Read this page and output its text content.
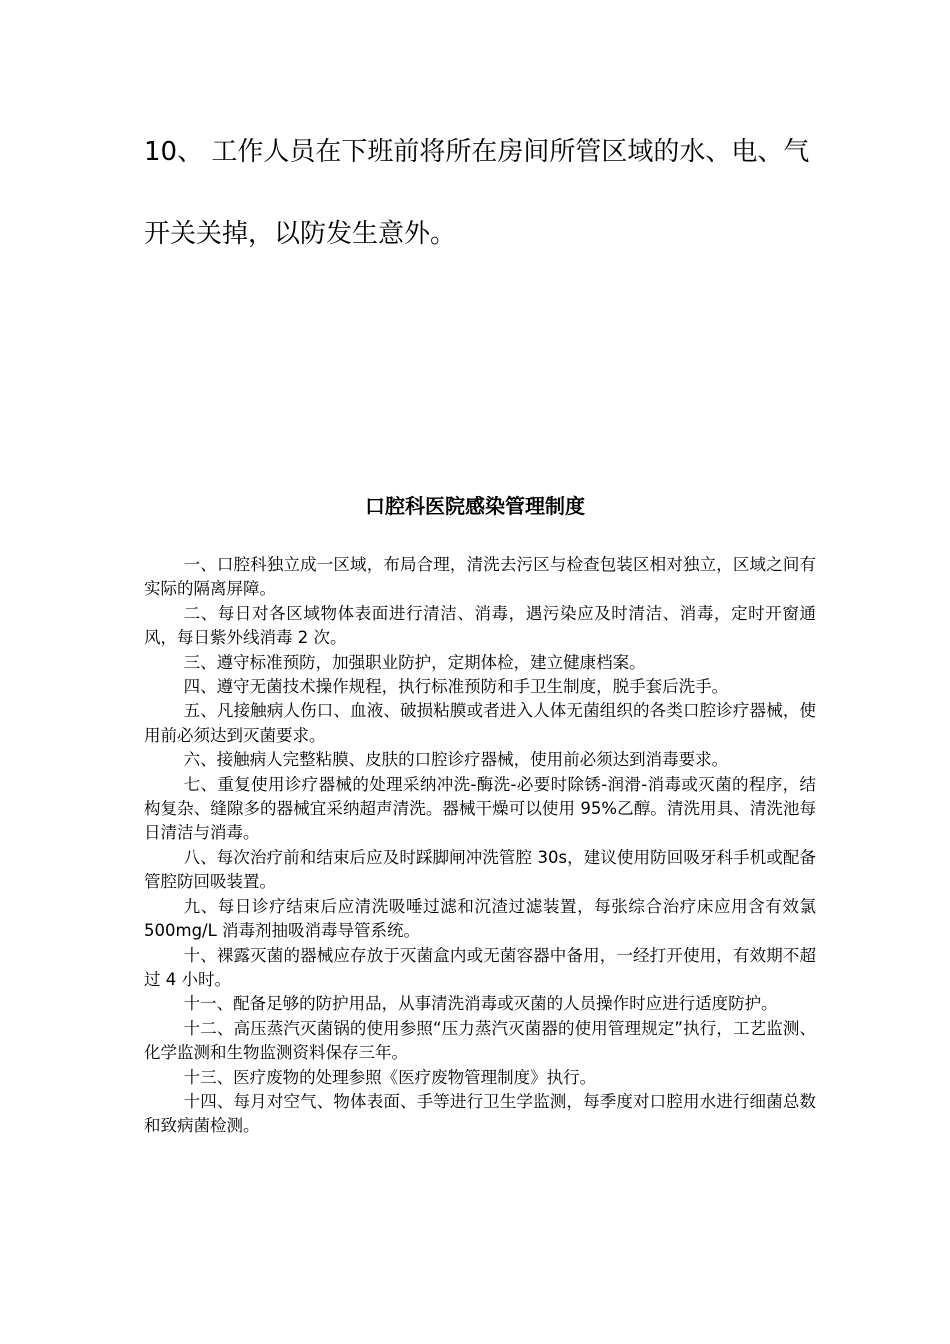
10、 工作人员在下班前将所在房间所管区域的水、电、气
开关关掉，以防发生意外。
口腔科医院感染管理制度

一、口腔科独立成一区域，布局合理，清洗去污区与检查包装区相对独立，区域之间有实际的隔离屏障。

二、每日对各区域物体表面进行清洁、消毒，遇污染应及时清洁、消毒，定时开窗通风，每日紫外线消毒 2 次。

三、遵守标准预防，加强职业防护，定期体检，建立健康档案。

四、遵守无菌技术操作规程，执行标准预防和手卫生制度，脱手套后洗手。

五、凡接触病人伤口、血液、破损粘膜或者进入人体无菌组织的各类口腔诊疗器械，使用前必须达到灭菌要求。

六、接触病人完整粘膜、皮肤的口腔诊疗器械，使用前必须达到消毒要求。

七、重复使用诊疗器械的处理采纳冲洗-酶洗-必要时除锈-润滑-消毒或灭菌的程序，结构复杂、缝隙多的器械宜采纳超声清洗。器械干燥可以使用 95%乙醇。清洗用具、清洗池每日清洁与消毒。

八、每次治疗前和结束后应及时踩脚闸冲洗管腔 30s，建议使用防回吸牙科手机或配备管腔防回吸装置。

九、每日诊疗结束后应清洗吸唾过滤和沉渣过滤装置，每张综合治疗床应用含有效氯 500mg/L 消毒剂抽吸消毒导管系统。

十、裸露灭菌的器械应存放于灭菌盒内或无菌容器中备用，一经打开使用，有效期不超过 4 小时。

十一、配备足够的防护用品，从事清洗消毒或灭菌的人员操作时应进行适度防护。

十二、高压蒸汽灭菌锅的使用参照“压力蒸汽灭菌器的使用管理规定”执行，工艺监测、化学监测和生物监测资料保存三年。

十三、医疗废物的处理参照《医疗废物管理制度》执行。

十四、每月对空气、物体表面、手等进行卫生学监测，每季度对口腔用水进行细菌总数和致病菌检测。
